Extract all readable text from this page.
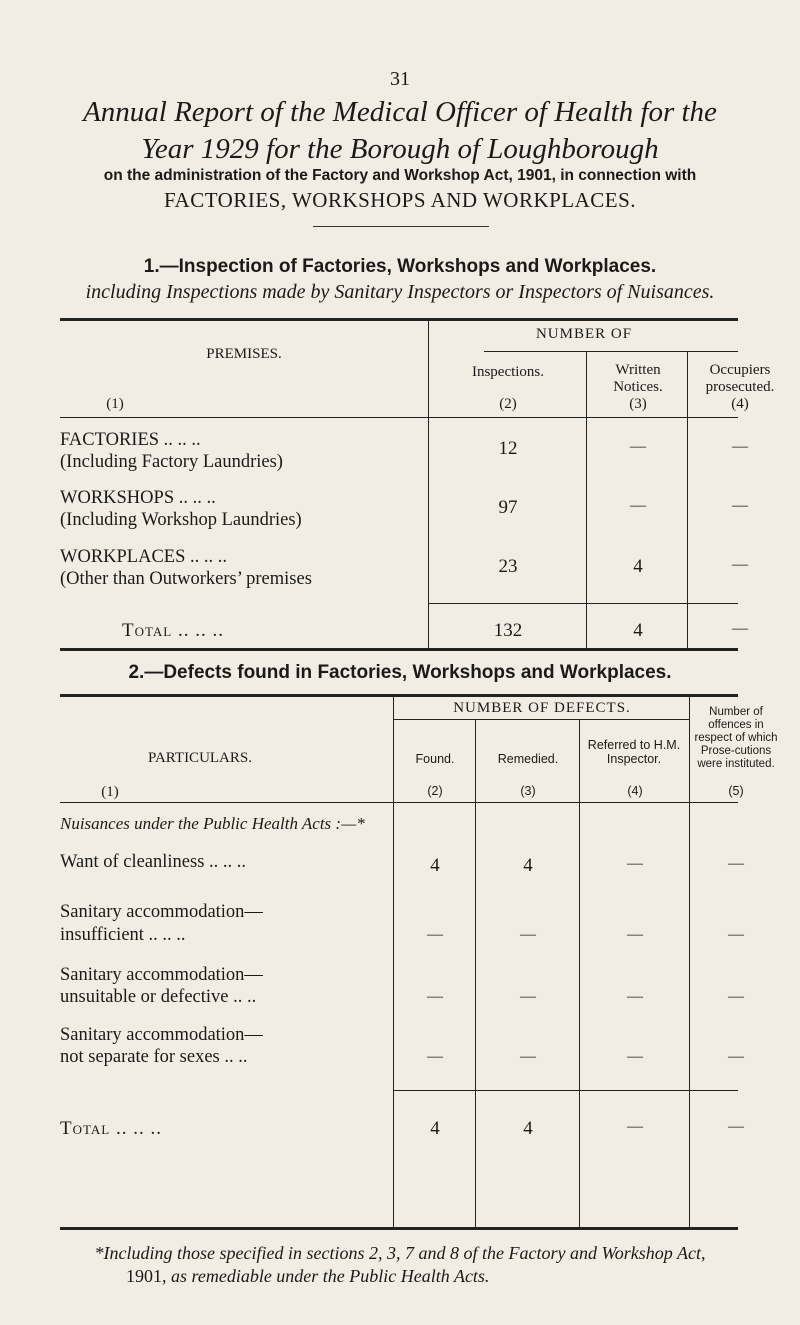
31
Annual Report of the Medical Officer of Health for the
Year 1929 for the Borough of Loughborough
on the administration of the Factory and Workshop Act, 1901, in connection with
FACTORIES, WORKSHOPS AND WORKPLACES.
1.—Inspection of Factories, Workshops and Workplaces.
including Inspections made by Sanitary Inspectors or Inspectors of Nuisances.
PREMISES.
(1)
NUMBER OF
Inspections.
(2)
Written Notices.
(3)
Occupiers prosecuted.
(4)
FACTORIES .. .. ..
(Including Factory Laundries)
12	—	—
WORKSHOPS .. .. ..
(Including Workshop Laundries)
97	—	—
WORKPLACES .. .. ..
(Other than Outworkers’ premises
23	4	—
Total .. .. ..	132	4	—
2.—Defects found in Factories, Workshops and Workplaces.
PARTICULARS.
(1)
NUMBER OF DEFECTS.
Found.
(2)
Remedied.
(3)
Referred to H.M. Inspector.
(4)
Number of offences in respect of which Prose-cutions were instituted.
(5)
Nuisances under the Public Health Acts :—*
Want of cleanliness .. .. ..	4	4	—	—
Sanitary accommodation—
insufficient .. .. ..	—	—	—	—
Sanitary accommodation—
unsuitable or defective .. ..	—	—	—	—
Sanitary accommodation—
not separate for sexes .. ..	—	—	—	—
Total .. .. ..	4	4	—	—
*Including those specified in sections 2, 3, 7 and 8 of the Factory and Workshop Act,
1901, as remediable under the Public Health Acts.
